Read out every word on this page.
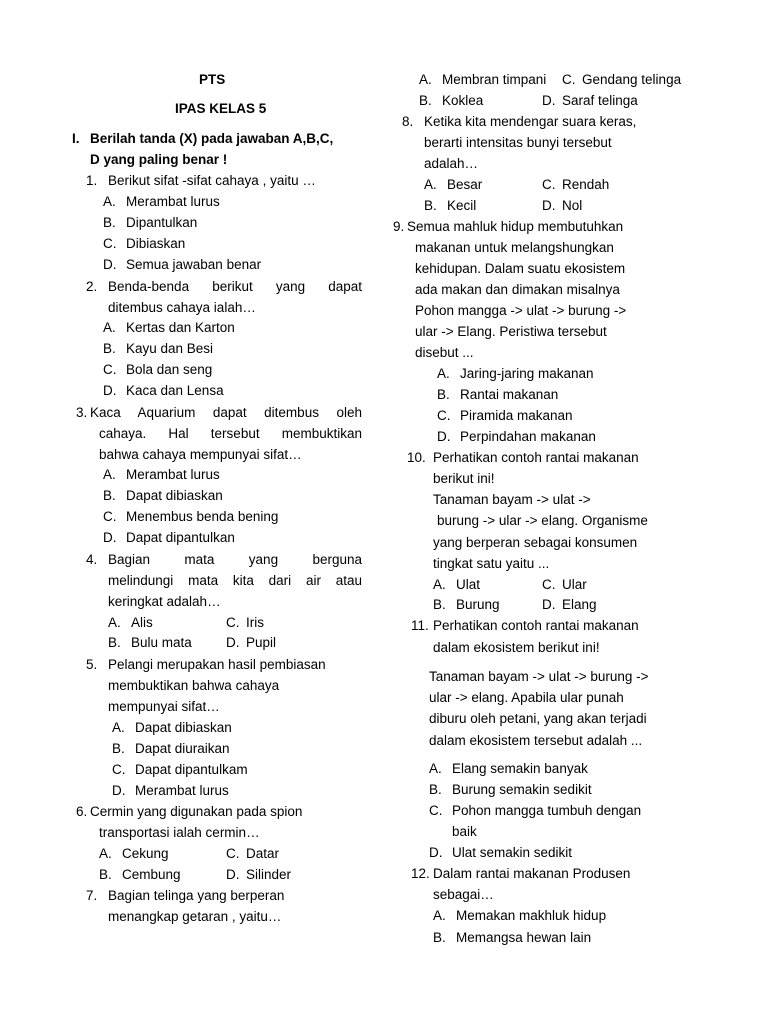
PTS
IPAS KELAS 5
I. Berilah tanda (X) pada jawaban A,B,C,
D yang paling benar !
1. Berikut sifat -sifat cahaya , yaitu …
A. Merambat lurus
B. Dipantulkan
C. Dibiaskan
D. Semua jawaban benar
2. Benda-benda berikut yang dapat
ditembus cahaya ialah…
A. Kertas dan Karton
B. Kayu dan Besi
C. Bola dan seng
D. Kaca dan Lensa
3. Kaca Aquarium dapat ditembus oleh
cahaya. Hal tersebut membuktikan
bahwa cahaya mempunyai sifat…
A. Merambat lurus
B. Dapat dibiaskan
C. Menembus benda bening
D. Dapat dipantulkan
4. Bagian mata yang berguna
melindungi mata kita dari air atau
keringkat adalah…
A. Alis	C. Iris
B. Bulu mata	D. Pupil
5. Pelangi merupakan hasil pembiasan
membuktikan bahwa cahaya
mempunyai sifat…
A. Dapat dibiaskan
B. Dapat diuraikan
C. Dapat dipantulkam
D. Merambat lurus
6. Cermin yang digunakan pada spion
transportasi ialah cermin…
A. Cekung	C. Datar
B. Cembung	D. Silinder
7. Bagian telinga yang berperan
menangkap getaran , yaitu…
A. Membran timpani C. Gendang telinga
B. Koklea	D. Saraf telinga
8. Ketika kita mendengar suara keras,
berarti intensitas bunyi tersebut
adalah…
A. Besar	C. Rendah
B. Kecil	D. Nol
9. Semua mahluk hidup membutuhkan
makanan untuk melangshungkan
kehidupan. Dalam suatu ekosistem
ada makan dan dimakan misalnya
Pohon mangga -> ulat -> burung ->
ular -> Elang. Peristiwa tersebut
disebut ...
A. Jaring-jaring makanan
B. Rantai makanan
C. Piramida makanan
D. Perpindahan makanan
10. Perhatikan contoh rantai makanan
berikut ini!
Tanaman bayam -> ulat ->
burung -> ular -> elang. Organisme
yang berperan sebagai konsumen
tingkat satu yaitu ...
A. Ulat	C. Ular
B. Burung	D. Elang
11. Perhatikan contoh rantai makanan
dalam ekosistem berikut ini!
Tanaman bayam -> ulat -> burung ->
ular -> elang. Apabila ular punah
diburu oleh petani, yang akan terjadi
dalam ekosistem tersebut adalah ...
A. Elang semakin banyak
B. Burung semakin sedikit
C. Pohon mangga tumbuh dengan
baik
D. Ulat semakin sedikit
12. Dalam rantai makanan Produsen
sebagai…
A. Memakan makhluk hidup
B. Memangsa hewan lain
